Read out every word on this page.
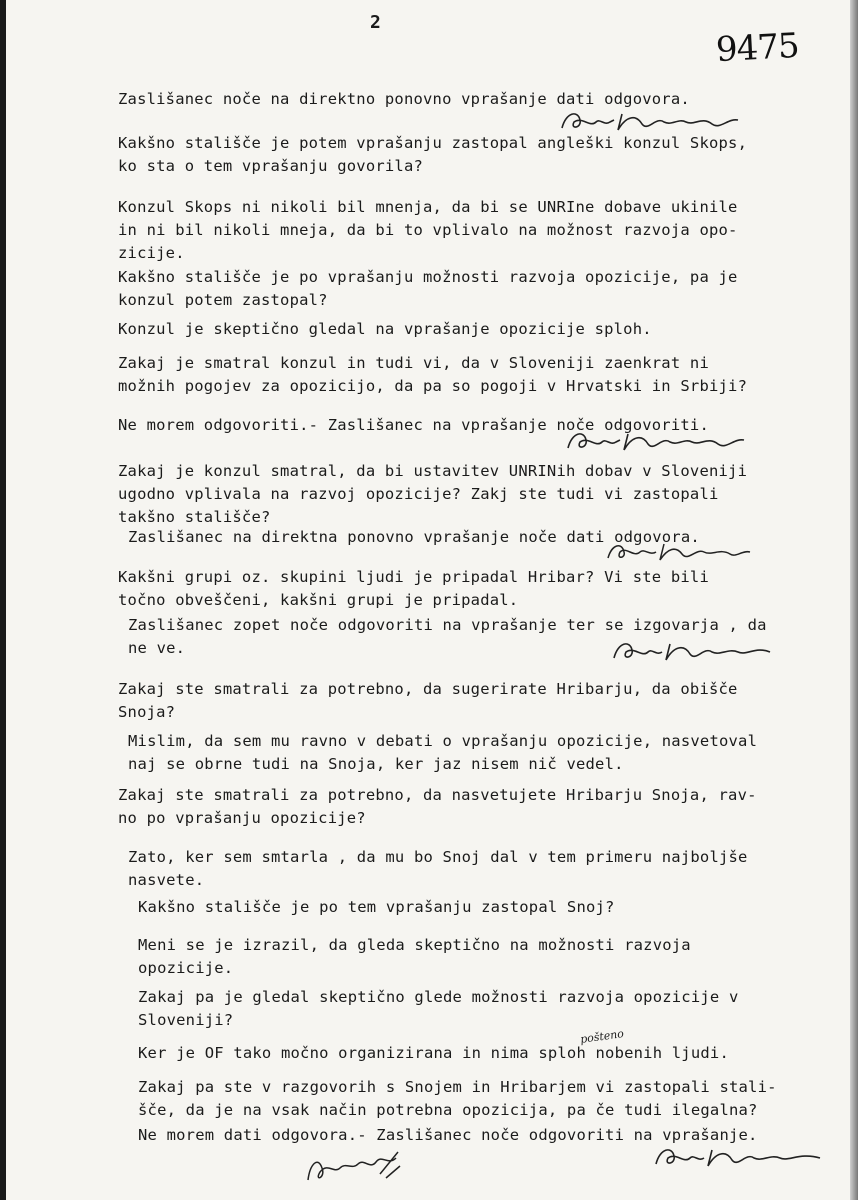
2
9475
Zaslišanec noče na direktno ponovno vprašanje dati odgovora.
Kakšno stališče je potem vprašanju zastopal angleški konzul Skops,
ko sta o tem vprašanju govorila?
Konzul Skops ni nikoli bil mnenja, da bi se UNRIne dobave ukinile
in ni bil nikoli mneja, da bi to vplivalo na možnost razvoja opo-
zicije.
Kakšno stališče je po vprašanju možnosti razvoja opozicije, pa je
konzul potem zastopal?
Konzul je skeptično gledal na vprašanje opozicije sploh.
Zakaj je smatral konzul in tudi vi, da v Sloveniji zaenkrat ni
možnih pogojev za opozicijo, da pa so pogoji v Hrvatski in Srbiji?
Ne morem odgovoriti.- Zaslišanec na vprašanje noče odgovoriti.
Zakaj je konzul smatral, da bi ustavitev UNRINih dobav v Sloveniji
ugodno vplivala na razvoj opozicije? Zakj ste tudi vi zastopali
takšno stališče?
Zaslišanec na direktna ponovno vprašanje noče dati odgovora.
Kakšni grupi oz. skupini ljudi je pripadal Hribar? Vi ste bili
točno obveščeni, kakšni grupi je pripadal.
Zaslišanec zopet noče odgovoriti na vprašanje ter se izgovarja , da
ne ve.
Zakaj ste smatrali za potrebno, da sugerirate Hribarju, da obišče
Snoja?
Mislim, da sem mu ravno v debati o vprašanju opozicije, nasvetoval
naj se obrne tudi na Snoja, ker jaz nisem nič vedel.
Zakaj ste smatrali za potrebno, da nasvetujete Hribarju Snoja, rav-
no po vprašanju opozicije?
Zato, ker sem smtarla , da mu bo Snoj dal v tem primeru najboljše
nasvete.
Kakšno stališče je po tem vprašanju zastopal Snoj?
Meni se je izrazil, da gleda skeptično na možnosti razvoja
opozicije.
Zakaj pa je gledal skeptično glede možnosti razvoja opozicije v
Sloveniji?
Ker je OF tako močno organizirana in nima sploh nobenih ljudi.
Zakaj pa ste v razgovorih s Snojem in Hribarjem vi zastopali stali-
šče, da je na vsak način potrebna opozicija, pa če tudi ilegalna?
Ne morem dati odgovora.- Zaslišanec noče odgovoriti na vprašanje.
pošteno
